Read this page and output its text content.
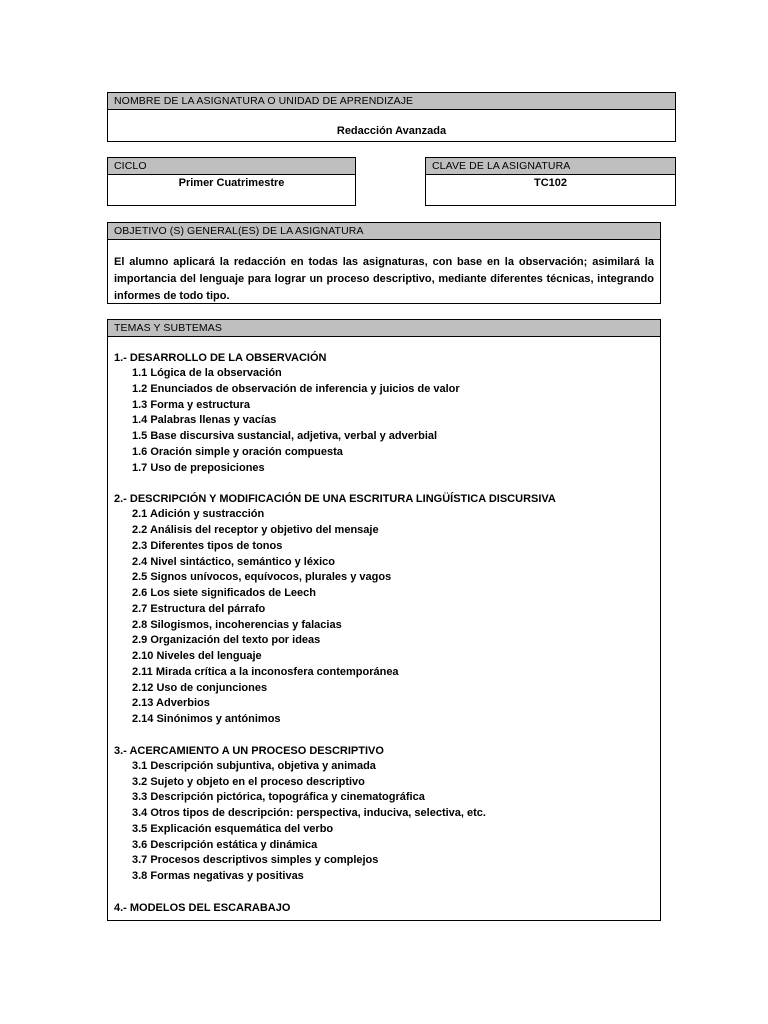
NOMBRE DE LA ASIGNATURA O UNIDAD DE APRENDIZAJE
Redacción Avanzada
CICLO
Primer Cuatrimestre
CLAVE DE LA ASIGNATURA
TC102
OBJETIVO (S) GENERAL(ES) DE LA ASIGNATURA
El alumno aplicará la redacción en todas las asignaturas, con base en la observación; asimilará la importancia del lenguaje para lograr un proceso descriptivo, mediante diferentes técnicas, integrando informes de todo tipo.
TEMAS Y SUBTEMAS
1.- DESARROLLO DE LA OBSERVACIÓN
1.1 Lógica de la observación
1.2 Enunciados de observación de inferencia y juicios de valor
1.3 Forma y estructura
1.4 Palabras llenas y vacías
1.5 Base discursiva sustancial, adjetiva, verbal y adverbial
1.6 Oración simple y oración compuesta
1.7 Uso de preposiciones
2.- DESCRIPCIÓN Y MODIFICACIÓN DE UNA ESCRITURA LINGÜÍSTICA DISCURSIVA
2.1 Adición y sustracción
2.2 Análisis del receptor y objetivo del mensaje
2.3 Diferentes tipos de tonos
2.4 Nivel sintáctico, semántico y léxico
2.5 Signos unívocos, equívocos, plurales y vagos
2.6 Los siete significados de Leech
2.7 Estructura del párrafo
2.8 Silogismos, incoherencias y falacias
2.9 Organización del texto por ideas
2.10 Niveles del lenguaje
2.11 Mirada crítica a la inconosfera contemporánea
2.12 Uso de conjunciones
2.13 Adverbios
2.14 Sinónimos y antónimos
3.- ACERCAMIENTO A UN PROCESO DESCRIPTIVO
3.1 Descripción subjuntiva, objetiva y animada
3.2 Sujeto y objeto en el proceso descriptivo
3.3 Descripción pictórica, topográfica y cinematográfica
3.4 Otros tipos de descripción: perspectiva, induciva, selectiva, etc.
3.5 Explicación esquemática del verbo
3.6 Descripción estática y dinámica
3.7 Procesos descriptivos simples y complejos
3.8 Formas negativas y positivas
4.- MODELOS DEL ESCARABAJO
